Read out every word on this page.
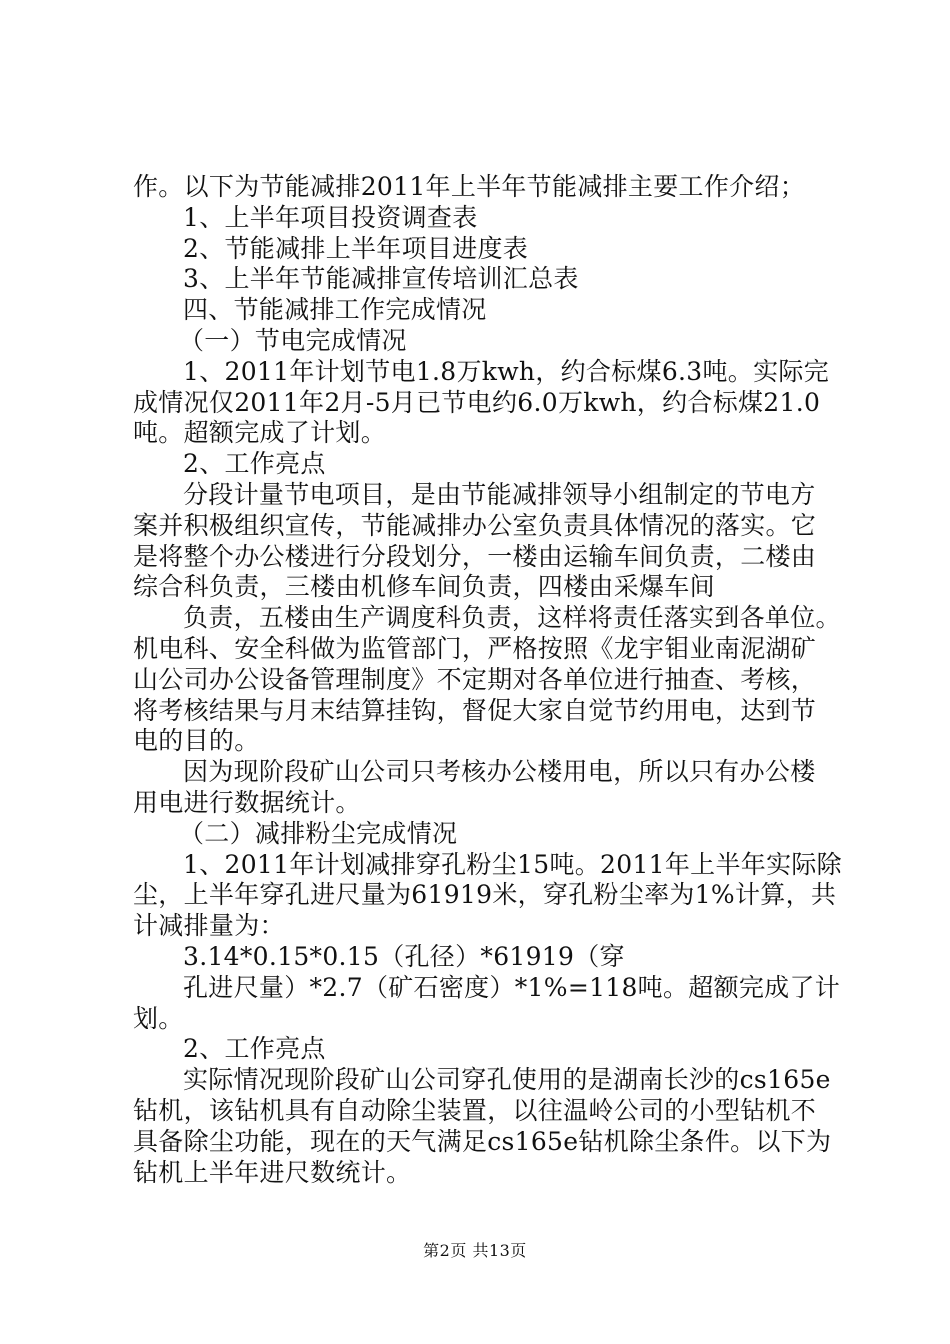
作。以下为节能减排2011年上半年节能减排主要工作介绍；
1、上半年项目投资调查表
2、节能减排上半年项目进度表
3、上半年节能减排宣传培训汇总表
四、节能减排工作完成情况
（一）节电完成情况
1、2011年计划节电1.8万kwh，约合标煤6.3吨。实际完
成情况仅2011年2月-5月已节电约6.0万kwh，约合标煤21.0
吨。超额完成了计划。
2、工作亮点
分段计量节电项目，是由节能减排领导小组制定的节电方
案并积极组织宣传，节能减排办公室负责具体情况的落实。它
是将整个办公楼进行分段划分，一楼由运输车间负责，二楼由
综合科负责，三楼由机修车间负责，四楼由采爆车间
负责，五楼由生产调度科负责，这样将责任落实到各单位。
机电科、安全科做为监管部门，严格按照《龙宇钼业南泥湖矿
山公司办公设备管理制度》不定期对各单位进行抽查、考核，
将考核结果与月末结算挂钩，督促大家自觉节约用电，达到节
电的目的。
因为现阶段矿山公司只考核办公楼用电，所以只有办公楼
用电进行数据统计。
（二）减排粉尘完成情况
1、2011年计划减排穿孔粉尘15吨。2011年上半年实际除
尘，上半年穿孔进尺量为61919米，穿孔粉尘率为1%计算，共
计减排量为：
3.14*0.15*0.15（孔径）*61919（穿
孔进尺量）*2.7（矿石密度）*1%=118吨。超额完成了计
划。
2、工作亮点
实际情况现阶段矿山公司穿孔使用的是湖南长沙的cs165e
钻机，该钻机具有自动除尘装置，以往温岭公司的小型钻机不
具备除尘功能，现在的天气满足cs165e钻机除尘条件。以下为
钻机上半年进尺数统计。
第2页 共13页
